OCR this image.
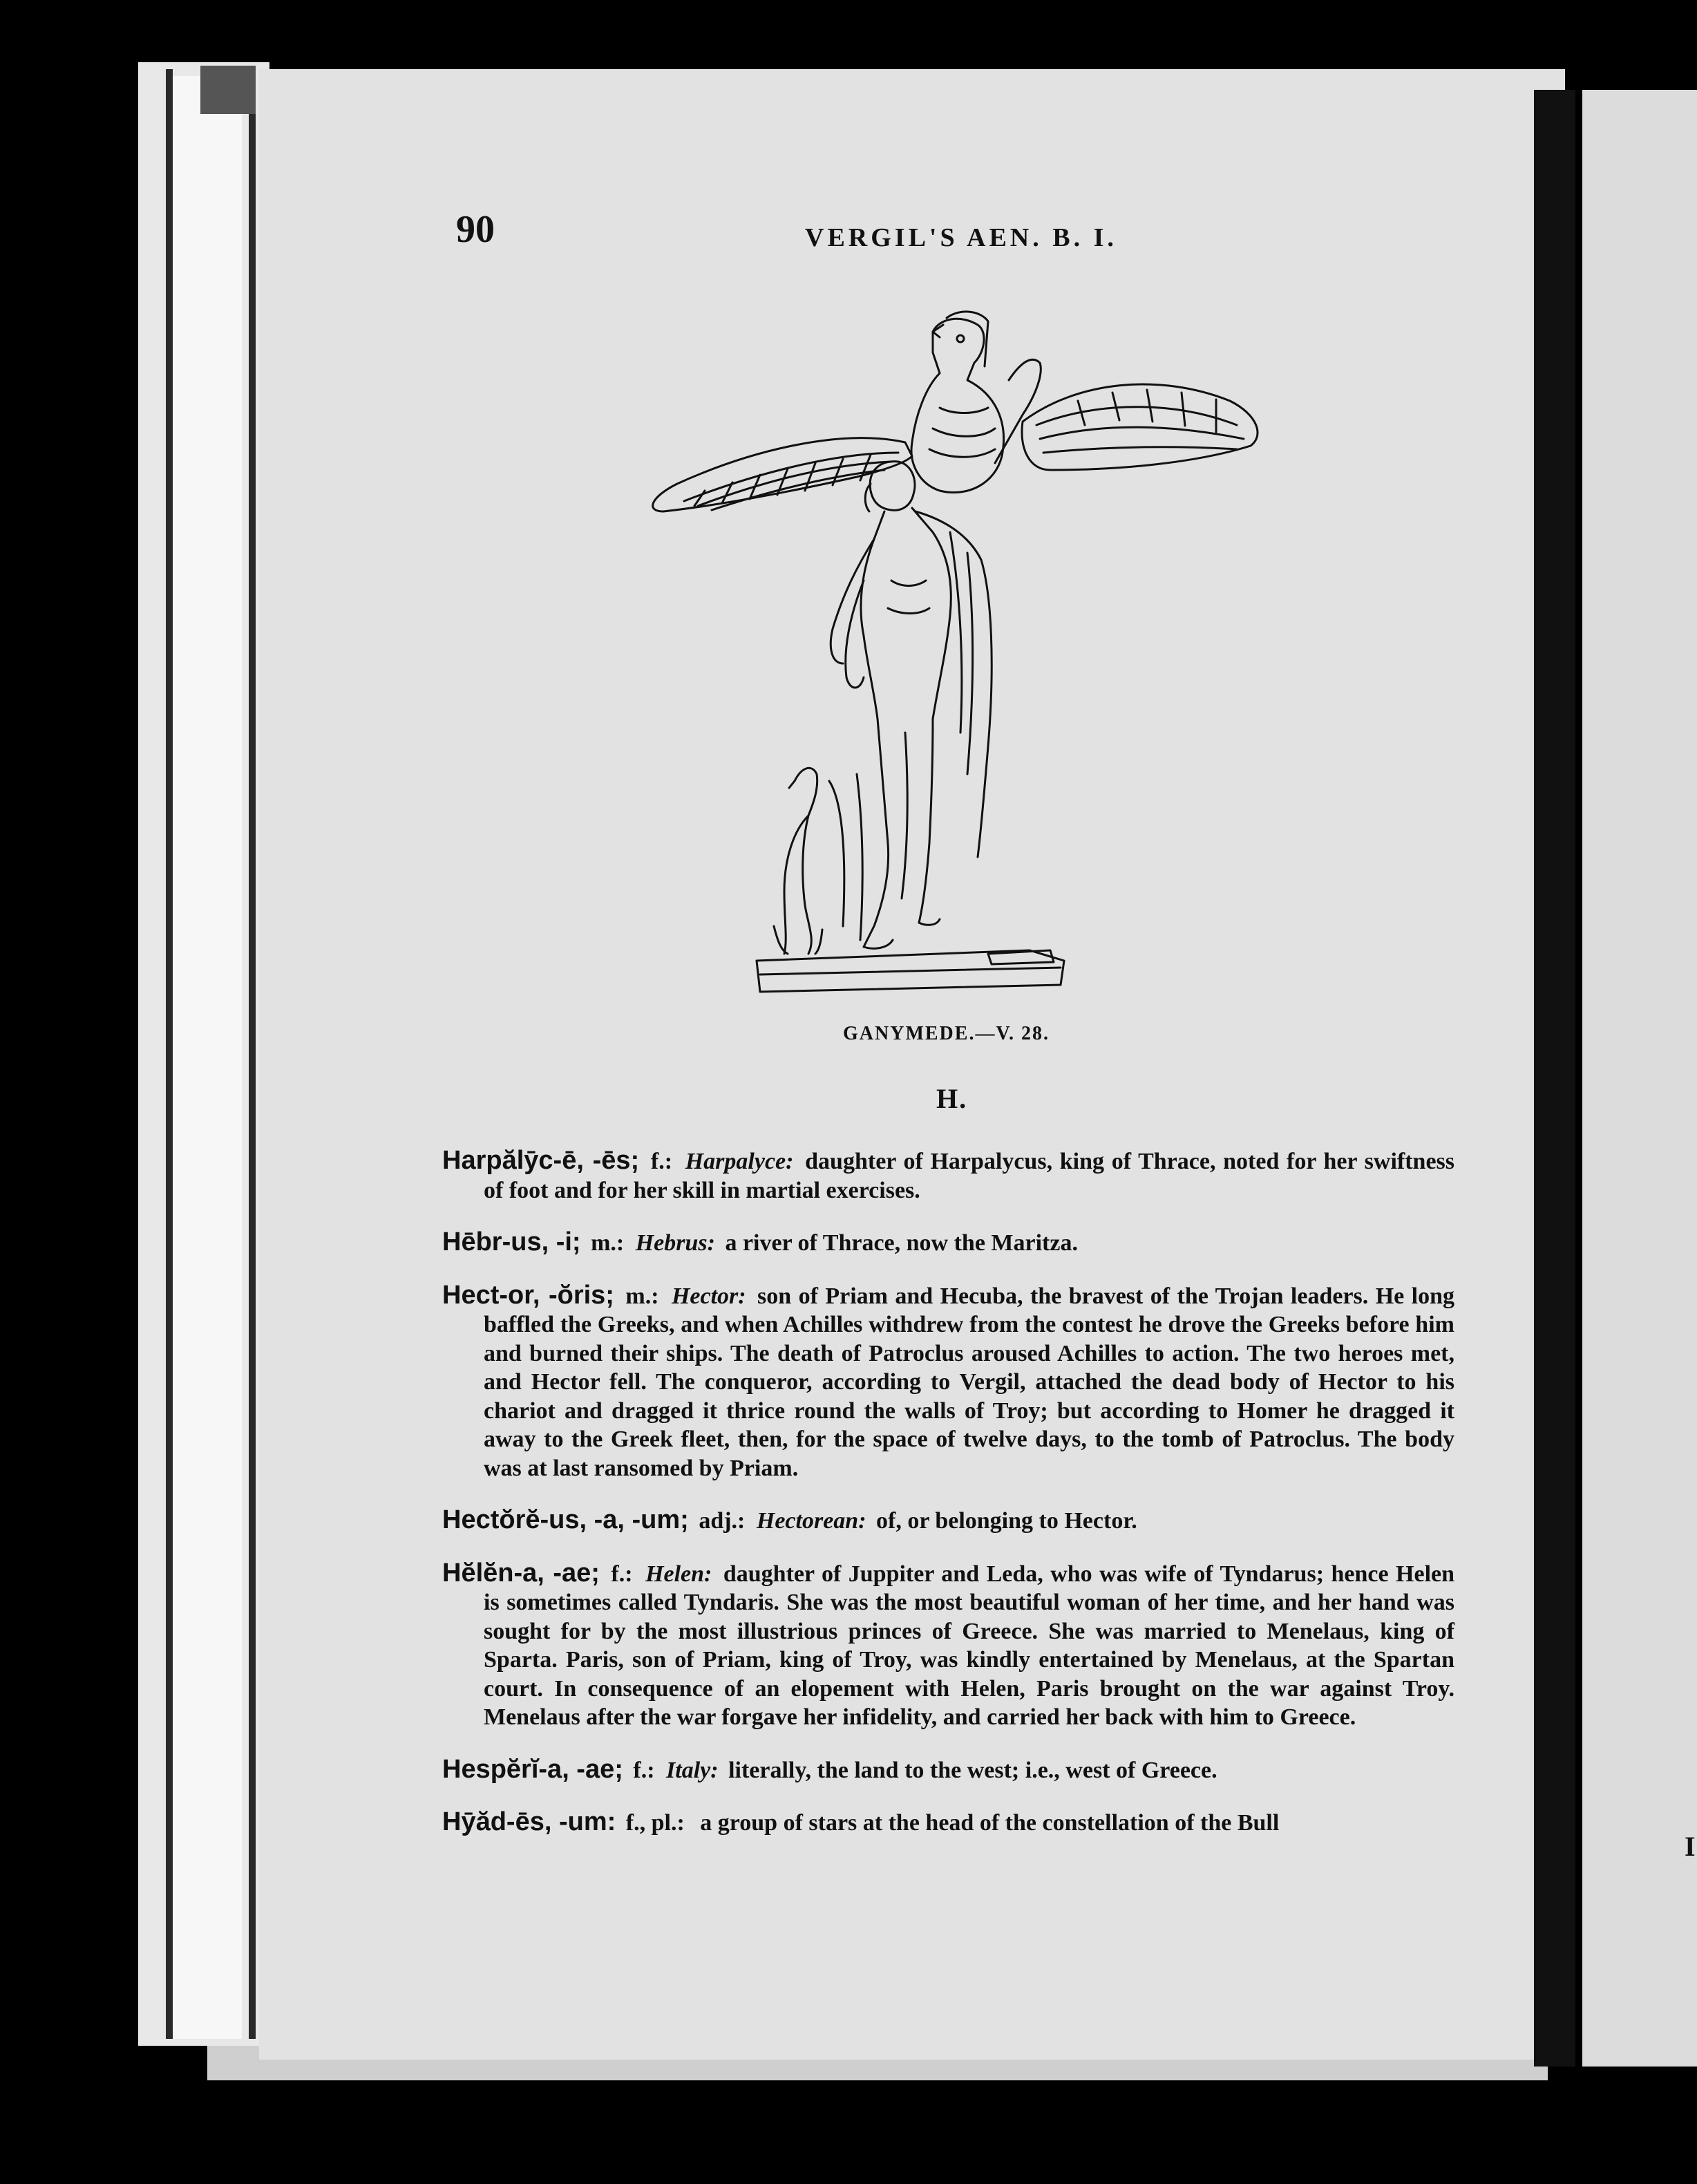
I
90	VERGIL'S AEN. B. I.
GANYMEDE.—V. 28.
H.

Harpălȳc-ē, -ēs; f.: Harpalyce: daughter of Harpalycus, king of Thrace, noted for her swiftness of foot and for her skill in martial exercises.

Hēbr-us, -i; m.: Hebrus: a river of Thrace, now the Maritza.

Hect-or, -ŏris; m.: Hector: son of Priam and Hecuba, the bravest of the Trojan leaders. He long baffled the Greeks, and when Achilles withdrew from the contest he drove the Greeks before him and burned their ships. The death of Patroclus aroused Achilles to action. The two heroes met, and Hector fell. The conqueror, according to Vergil, attached the dead body of Hector to his chariot and dragged it thrice round the walls of Troy; but according to Homer he dragged it away to the Greek fleet, then, for the space of twelve days, to the tomb of Patroclus. The body was at last ransomed by Priam.

Hectŏrĕ-us, -a, -um; adj.: Hectorean: of, or belonging to Hector.

Hĕlĕn-a, -ae; f.: Helen: daughter of Juppiter and Leda, who was wife of Tyndarus; hence Helen is sometimes called Tyndaris. She was the most beautiful woman of her time, and her hand was sought for by the most illustrious princes of Greece. She was married to Menelaus, king of Sparta. Paris, son of Priam, king of Troy, was kindly entertained by Menelaus, at the Spartan court. In consequence of an elopement with Helen, Paris brought on the war against Troy. Menelaus after the war forgave her infidelity, and carried her back with him to Greece.

Hespĕrĭ-a, -ae; f.: Italy: literally, the land to the west; i.e., west of Greece.

Hȳăd-ēs, -um: f., pl.: a group of stars at the head of the constellation of the Bull
